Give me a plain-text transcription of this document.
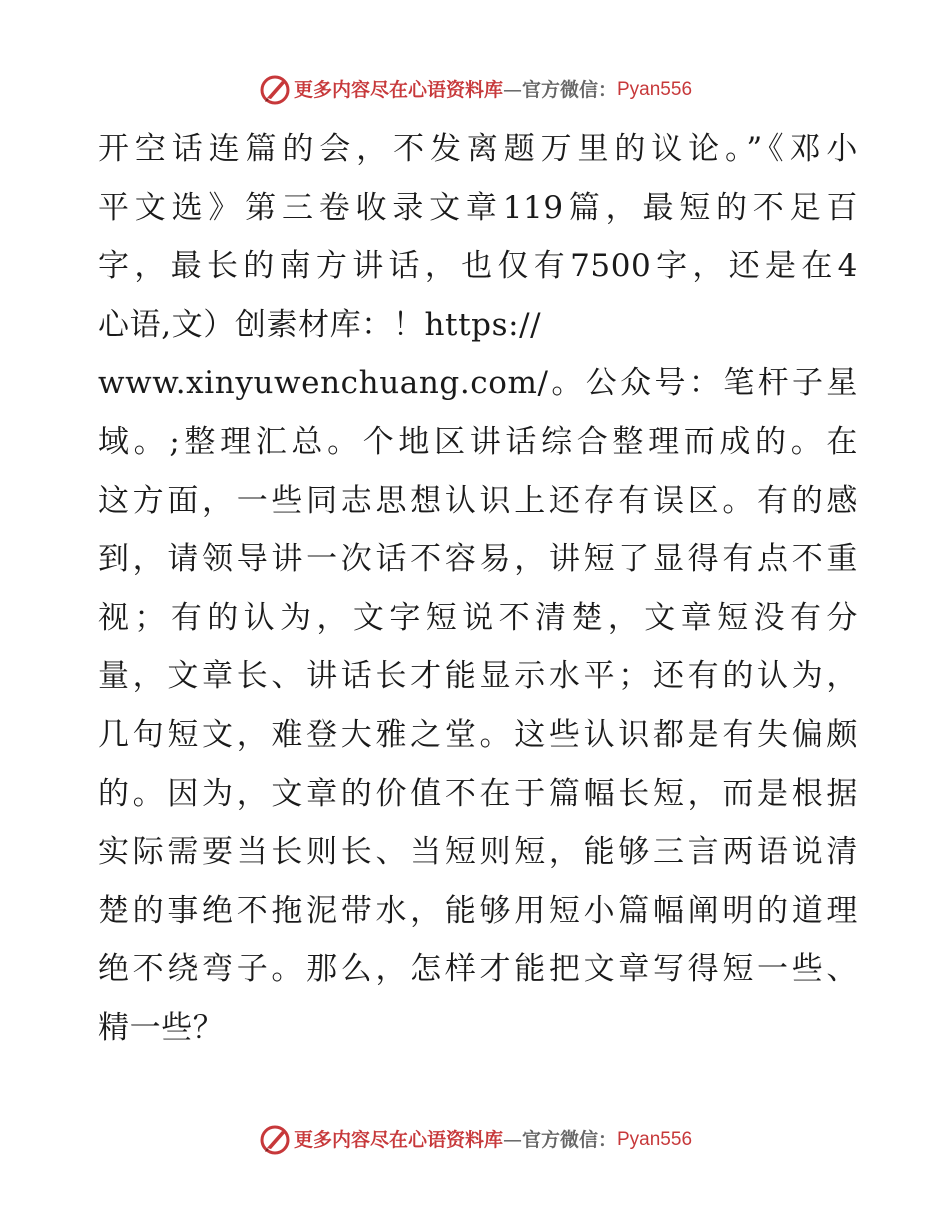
更多内容尽在心语资料库 — 官方微信： Pyan556
开空话连篇的会，不发离题万里的议论。”《邓小
平文选》第三卷收录文章119篇，最短的不足百
字，最长的南方讲话，也仅有7500字，还是在4
心语,文）创素材库：！https://
www.xinyuwenchuang.com/。公众号：笔杆子星
域。;整理汇总。个地区讲话综合整理而成的。在
这方面，一些同志思想认识上还存有误区。有的感
到，请领导讲一次话不容易，讲短了显得有点不重
视；有的认为，文字短说不清楚，文章短没有分
量，文章长、讲话长才能显示水平；还有的认为，
几句短文，难登大雅之堂。这些认识都是有失偏颇
的。因为，文章的价值不在于篇幅长短，而是根据
实际需要当长则长、当短则短，能够三言两语说清
楚的事绝不拖泥带水，能够用短小篇幅阐明的道理
绝不绕弯子。那么，怎样才能把文章写得短一些、
精一些？
更多内容尽在心语资料库 — 官方微信： Pyan556
